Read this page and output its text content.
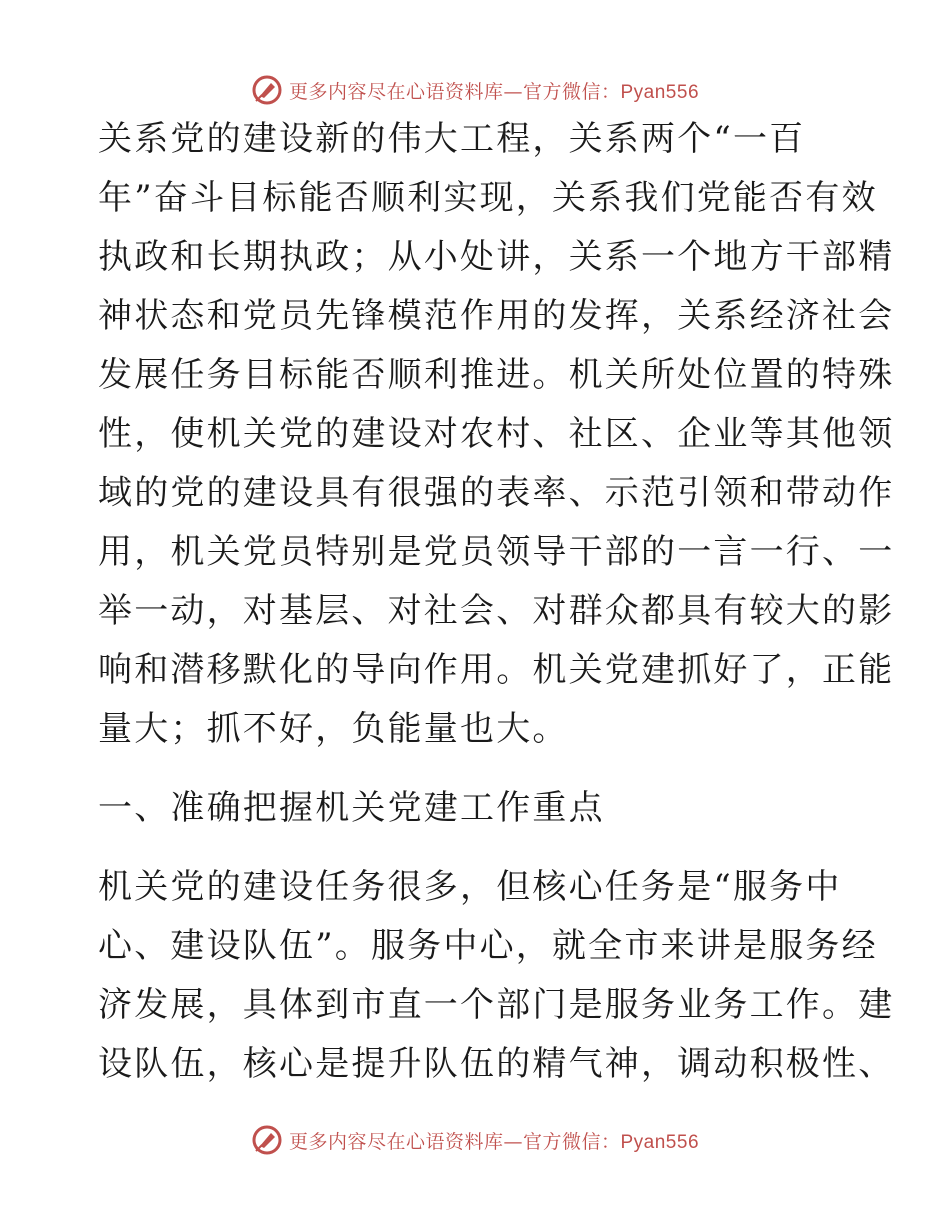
更多内容尽在心语资料库—官方微信：Pyan556
关系党的建设新的伟大工程，关系两个“一百
年”奋斗目标能否顺利实现，关系我们党能否有效
执政和长期执政；从小处讲，关系一个地方干部精
神状态和党员先锋模范作用的发挥，关系经济社会
发展任务目标能否顺利推进。机关所处位置的特殊
性，使机关党的建设对农村、社区、企业等其他领
域的党的建设具有很强的表率、示范引领和带动作
用，机关党员特别是党员领导干部的一言一行、一
举一动，对基层、对社会、对群众都具有较大的影
响和潜移默化的导向作用。机关党建抓好了，正能
量大；抓不好，负能量也大。
一、准确把握机关党建工作重点
机关党的建设任务很多，但核心任务是“服务中
心、建设队伍”。服务中心，就全市来讲是服务经
济发展，具体到市直一个部门是服务业务工作。建
设队伍，核心是提升队伍的精气神，调动积极性、
更多内容尽在心语资料库—官方微信：Pyan556
